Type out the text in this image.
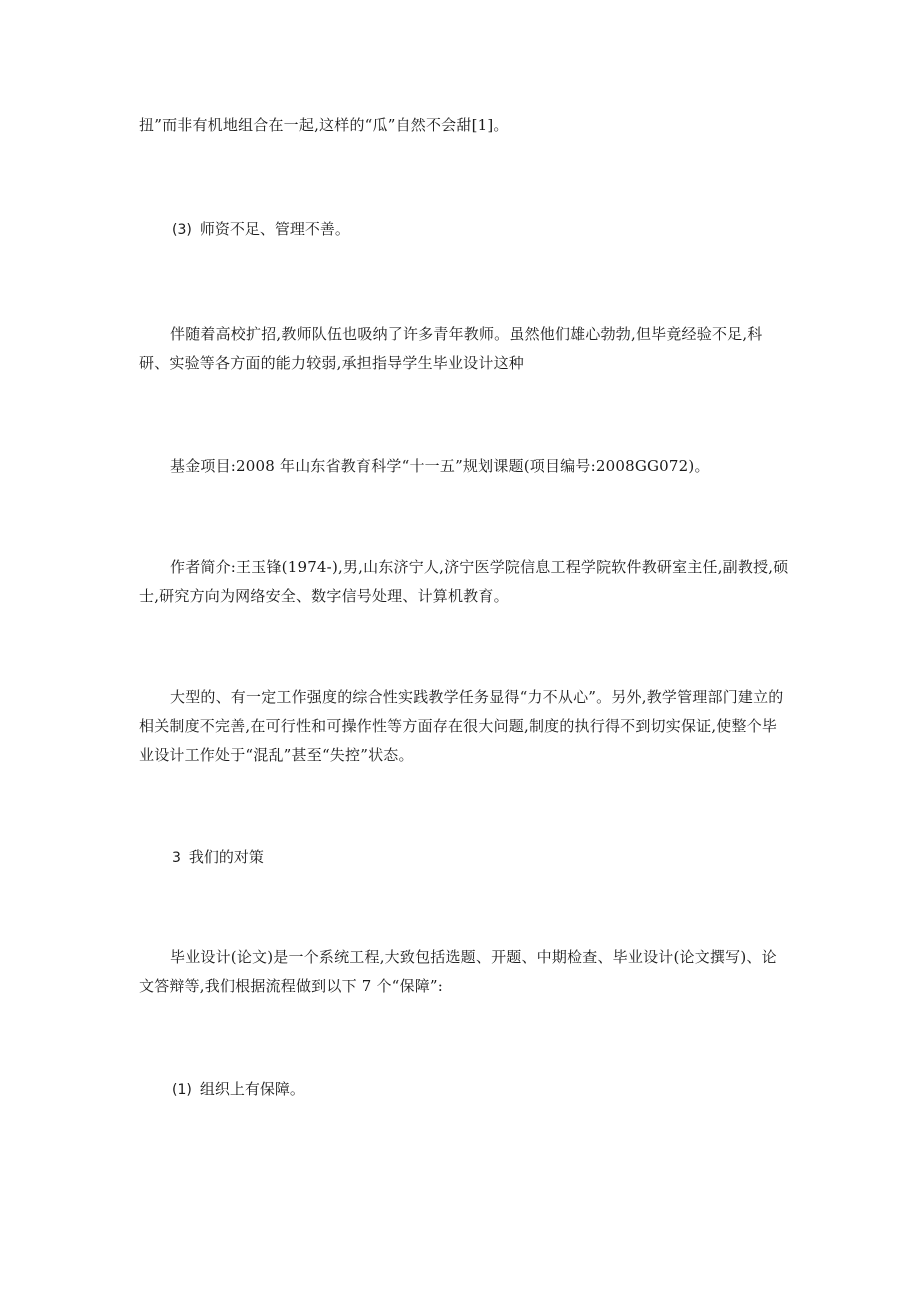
扭”而非有机地组合在一起,这样的“瓜”自然不会甜[1]。

(3) 师资不足、管理不善。

伴随着高校扩招,教师队伍也吸纳了许多青年教师。虽然他们雄心勃勃,但毕竟经验不足,科研、实验等各方面的能力较弱,承担指导学生毕业设计这种

基金项目:2008 年山东省教育科学“十一五”规划课题(项目编号:2008GG072)。

作者简介:王玉锋(1974-),男,山东济宁人,济宁医学院信息工程学院软件教研室主任,副教授,硕士,研究方向为网络安全、数字信号处理、计算机教育。

大型的、有一定工作强度的综合性实践教学任务显得“力不从心”。另外,教学管理部门建立的相关制度不完善,在可行性和可操作性等方面存在很大问题,制度的执行得不到切实保证,使整个毕业设计工作处于“混乱”甚至“失控”状态。

3 我们的对策

毕业设计(论文)是一个系统工程,大致包括选题、开题、中期检查、毕业设计(论文撰写)、论文答辩等,我们根据流程做到以下 7 个“保障”:

(1) 组织上有保障。
